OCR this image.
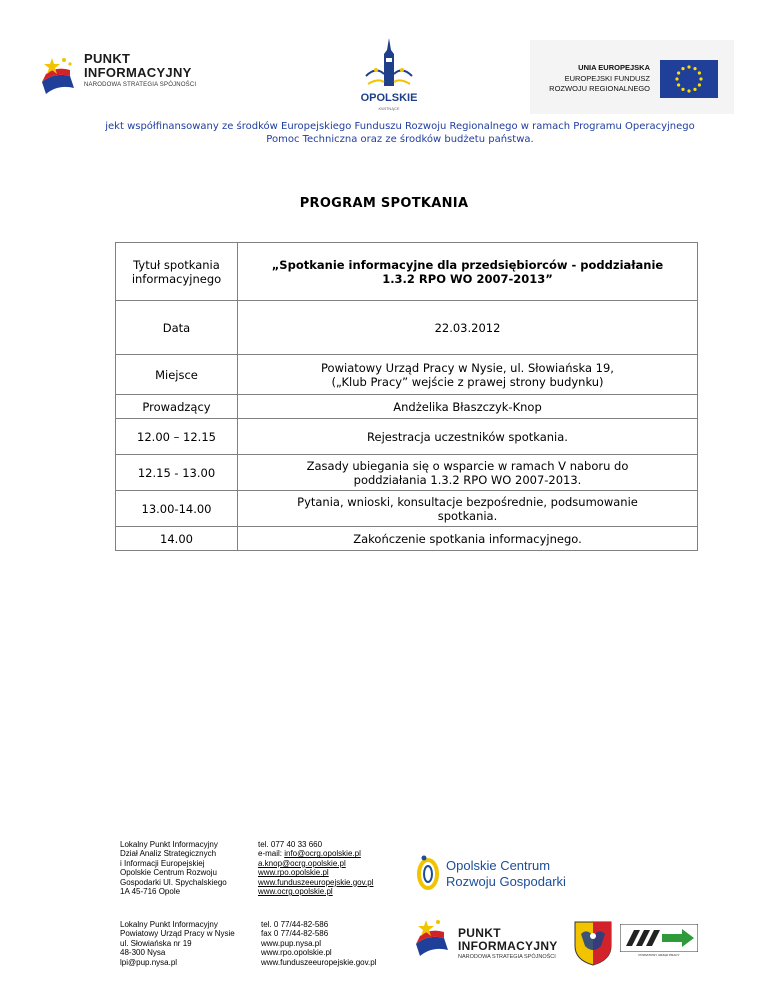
PUNKT
INFORMACYJNY
NARODOWA STRATEGIA SPÓJNOŚCI
OPOLSKIE
KWITNĄCE
UNIA EUROPEJSKA
EUROPEJSKI FUNDUSZ
ROZWOJU REGIONALNEGO
jekt współfinansowany ze środków Europejskiego Funduszu Rozwoju Regionalnego w ramach Programu Operacyjnego
Pomoc Techniczna oraz ze środków budżetu państwa.
PROGRAM SPOTKANIA
Tytuł spotkania
informacyjnego	„Spotkanie informacyjne dla przedsiębiorców - poddziałanie
1.3.2 RPO WO 2007-2013”

Data	22.03.2012
Miejsce	Powiatowy Urząd Pracy w Nysie, ul. Słowiańska 19,
(„Klub Pracy” wejście z prawej strony budynku)

Prowadzący	Andżelika Błaszczyk-Knop
12.00 – 12.15	Rejestracja uczestników spotkania.
12.15 - 13.00	Zasady ubiegania się o wsparcie w ramach V naboru do
poddziałania 1.3.2 RPO WO 2007-2013.

13.00-14.00	Pytania, wnioski, konsultacje bezpośrednie, podsumowanie
spotkania.

14.00	Zakończenie spotkania informacyjnego.
Lokalny Punkt Informacyjny
Dział Analiz Strategicznych
i Informacji Europejskiej
Opolskie Centrum Rozwoju
Gospodarki Ul. Spychalskiego
1A 45-716 Opole
tel. 077 40 33 660
e-mail: info@ocrg.opolskie.pl
a.knop@ocrg.opolskie.pl
www.rpo.opolskie.pl
www.funduszeeuropejskie.gov.pl
www.ocrg.opolskie.pl
Opolskie Centrum
Rozwoju Gospodarki
Lokalny Punkt Informacyjny
Powiatowy Urząd Pracy w Nysie
ul. Słowiańska nr 19
48-300 Nysa
lpi@pup.nysa.pl
tel. 0 77/44-82-586
fax 0 77/44-82-586
www.pup.nysa.pl
www.rpo.opolskie.pl
www.funduszeeuropejskie.gov.pl
PUNKT
INFORMACYJNY
NARODOWA STRATEGIA SPÓJNOŚCI	POWIATOWY URZĄD PRACY
